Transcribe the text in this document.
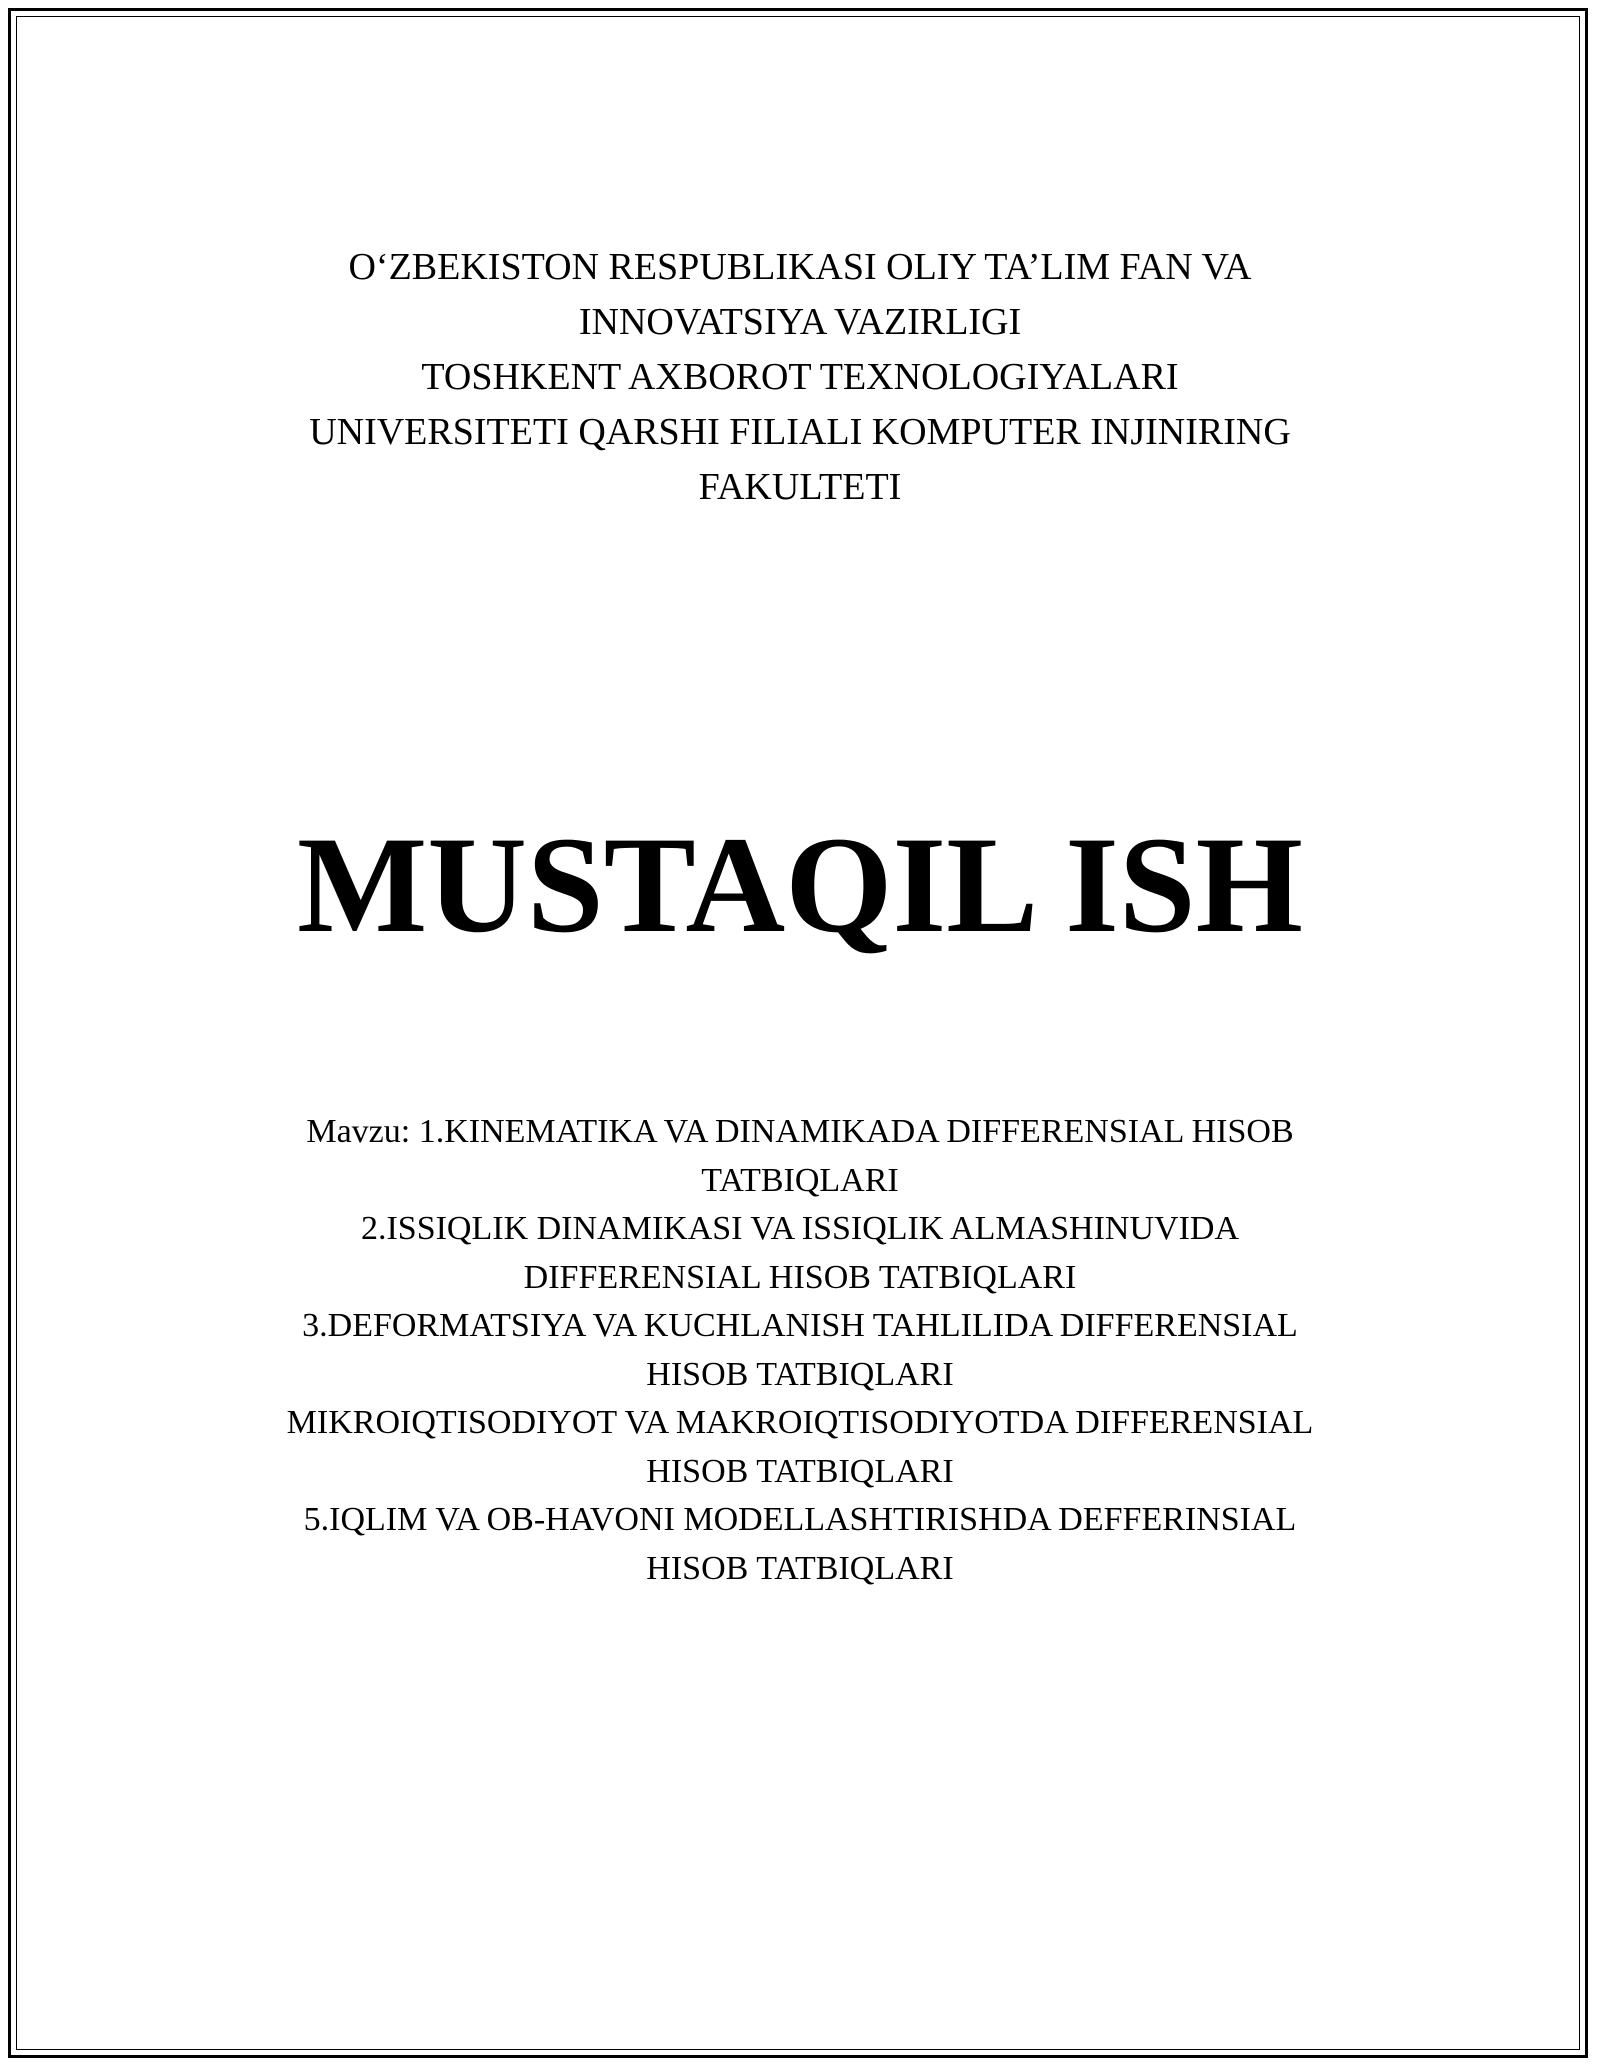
O‘ZBEKISTON RESPUBLIKASI OLIY TA’LIM FAN VA
INNOVATSIYA VAZIRLIGI
TOSHKENT AXBOROT TEXNOLOGIYALARI
UNIVERSITETI QARSHI FILIALI KOMPUTER INJINIRING
FAKULTETI
MUSTAQIL ISH
Mavzu: 1.KINEMATIKA VA DINAMIKADA DIFFERENSIAL HISOB
TATBIQLARI
2.ISSIQLIK DINAMIKASI VA ISSIQLIK ALMASHINUVIDA
DIFFERENSIAL HISOB TATBIQLARI
3.DEFORMATSIYA VA KUCHLANISH TAHLILIDA DIFFERENSIAL
HISOB TATBIQLARI
MIKROIQTISODIYOT VA MAKROIQTISODIYOTDA DIFFERENSIAL
HISOB TATBIQLARI
5.IQLIM VA OB-HAVONI MODELLASHTIRISHDA DEFFERINSIAL
HISOB TATBIQLARI
